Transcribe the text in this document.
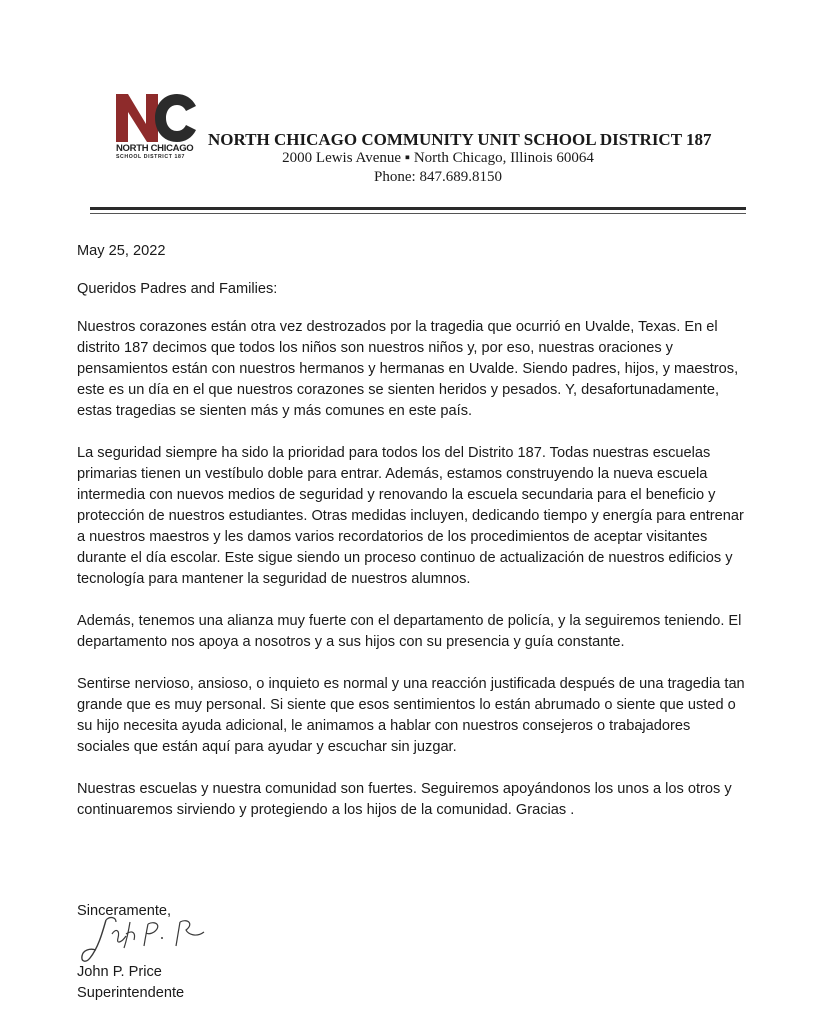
NORTH CHICAGO
SCHOOL DISTRICT 187
NORTH CHICAGO COMMUNITY UNIT SCHOOL DISTRICT 187
2000 Lewis Avenue ▪ North Chicago, Illinois 60064
Phone: 847.689.8150

May 25, 2022

Queridos Padres and Families:

Nuestros corazones están otra vez destrozados por la tragedia que ocurrió en Uvalde, Texas. En el distrito 187 decimos que todos los niños son nuestros niños y, por eso, nuestras oraciones y pensamientos están con nuestros hermanos y hermanas en Uvalde. Siendo padres, hijos, y maestros, este es un día en el que nuestros corazones se sienten heridos y pesados. Y, desafortunadamente, estas tragedias se sienten más y más comunes en este país.

La seguridad siempre ha sido la prioridad para todos los del Distrito 187. Todas nuestras escuelas primarias tienen un vestíbulo doble para entrar. Además, estamos construyendo la nueva escuela intermedia con nuevos medios de seguridad y renovando la escuela secundaria para el beneficio y protección de nuestros estudiantes. Otras medidas incluyen, dedicando tiempo y energía para entrenar a nuestros maestros y les damos varios recordatorios de los procedimientos de aceptar visitantes durante el día escolar. Este sigue siendo un proceso continuo de actualización de nuestros edificios y tecnología para mantener la seguridad de nuestros alumnos.

Además, tenemos una alianza muy fuerte con el departamento de policía, y la seguiremos teniendo. El departamento nos apoya a nosotros y a sus hijos con su presencia y guía constante.

Sentirse nervioso, ansioso, o inquieto es normal y una reacción justificada después de una tragedia tan grande que es muy personal. Si siente que esos sentimientos lo están abrumado o siente que usted o su hijo necesita ayuda adicional, le animamos a hablar con nuestros consejeros o trabajadores sociales que están aquí para ayudar y escuchar sin juzgar.

Nuestras escuelas y nuestra comunidad son fuertes. Seguiremos apoyándonos los unos a los otros y continuaremos sirviendo y protegiendo a los hijos de la comunidad. Gracias .

Sinceramente,
John P. Price
Superintendente
